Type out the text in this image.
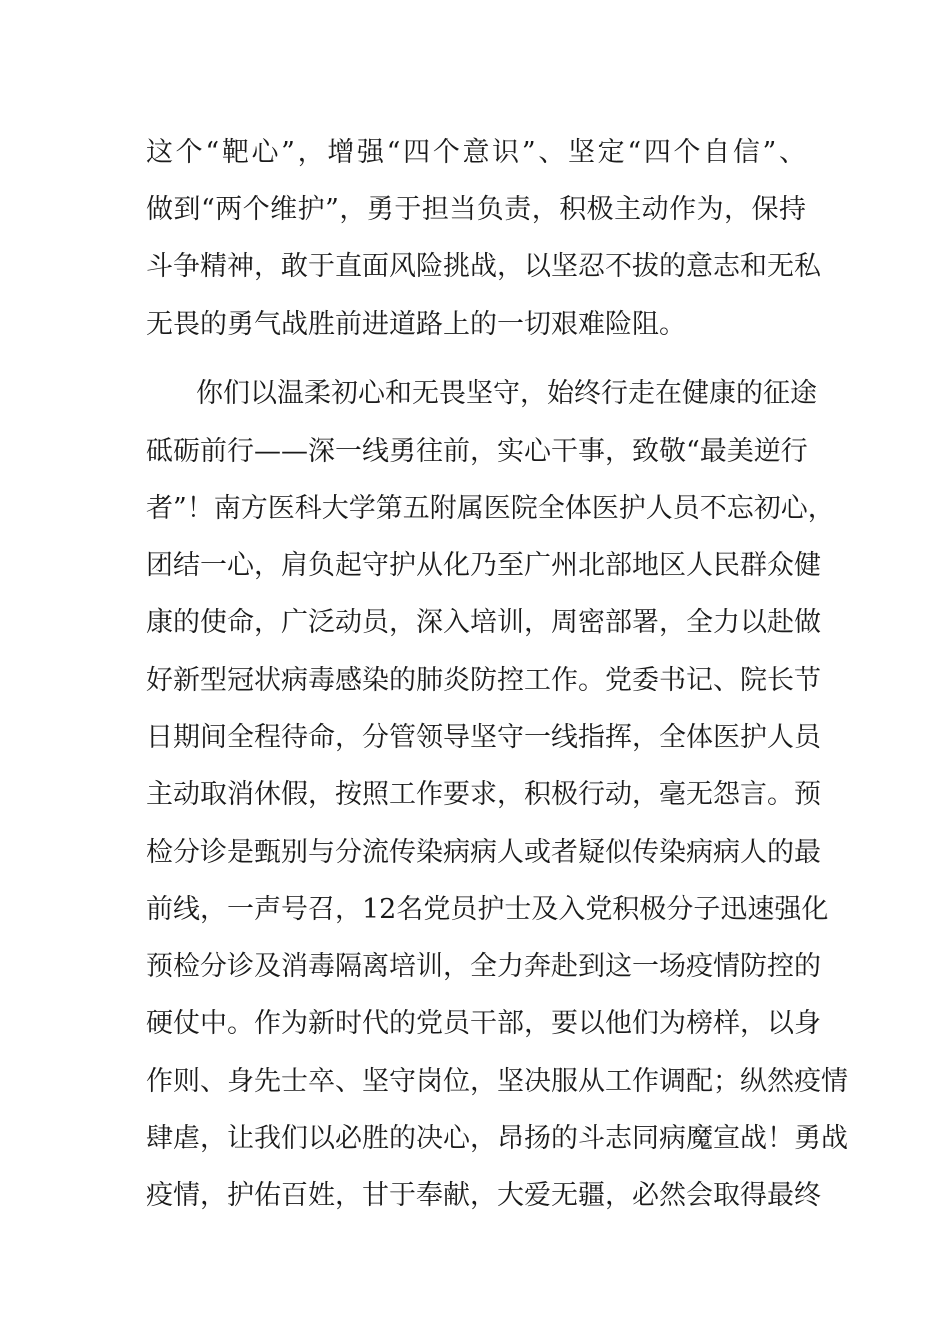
这个“靶心”，增强“四个意识”、坚定“四个自信”、
做到“两个维护”，勇于担当负责，积极主动作为，保持
斗争精神，敢于直面风险挑战，以坚忍不拔的意志和无私
无畏的勇气战胜前进道路上的一切艰难险阻。
你们以温柔初心和无畏坚守，始终行走在健康的征途
砥砺前行——深一线勇往前，实心干事，致敬“最美逆行
者”！南方医科大学第五附属医院全体医护人员不忘初心，
团结一心，肩负起守护从化乃至广州北部地区人民群众健
康的使命，广泛动员，深入培训，周密部署，全力以赴做
好新型冠状病毒感染的肺炎防控工作。党委书记、院长节
日期间全程待命，分管领导坚守一线指挥，全体医护人员
主动取消休假，按照工作要求，积极行动，毫无怨言。预
检分诊是甄别与分流传染病病人或者疑似传染病病人的最
前线，一声号召，12名党员护士及入党积极分子迅速强化
预检分诊及消毒隔离培训，全力奔赴到这一场疫情防控的
硬仗中。作为新时代的党员干部，要以他们为榜样，以身
作则、身先士卒、坚守岗位，坚决服从工作调配；纵然疫情
肆虐，让我们以必胜的决心，昂扬的斗志同病魔宣战！勇战
疫情，护佑百姓，甘于奉献，大爱无疆，必然会取得最终
